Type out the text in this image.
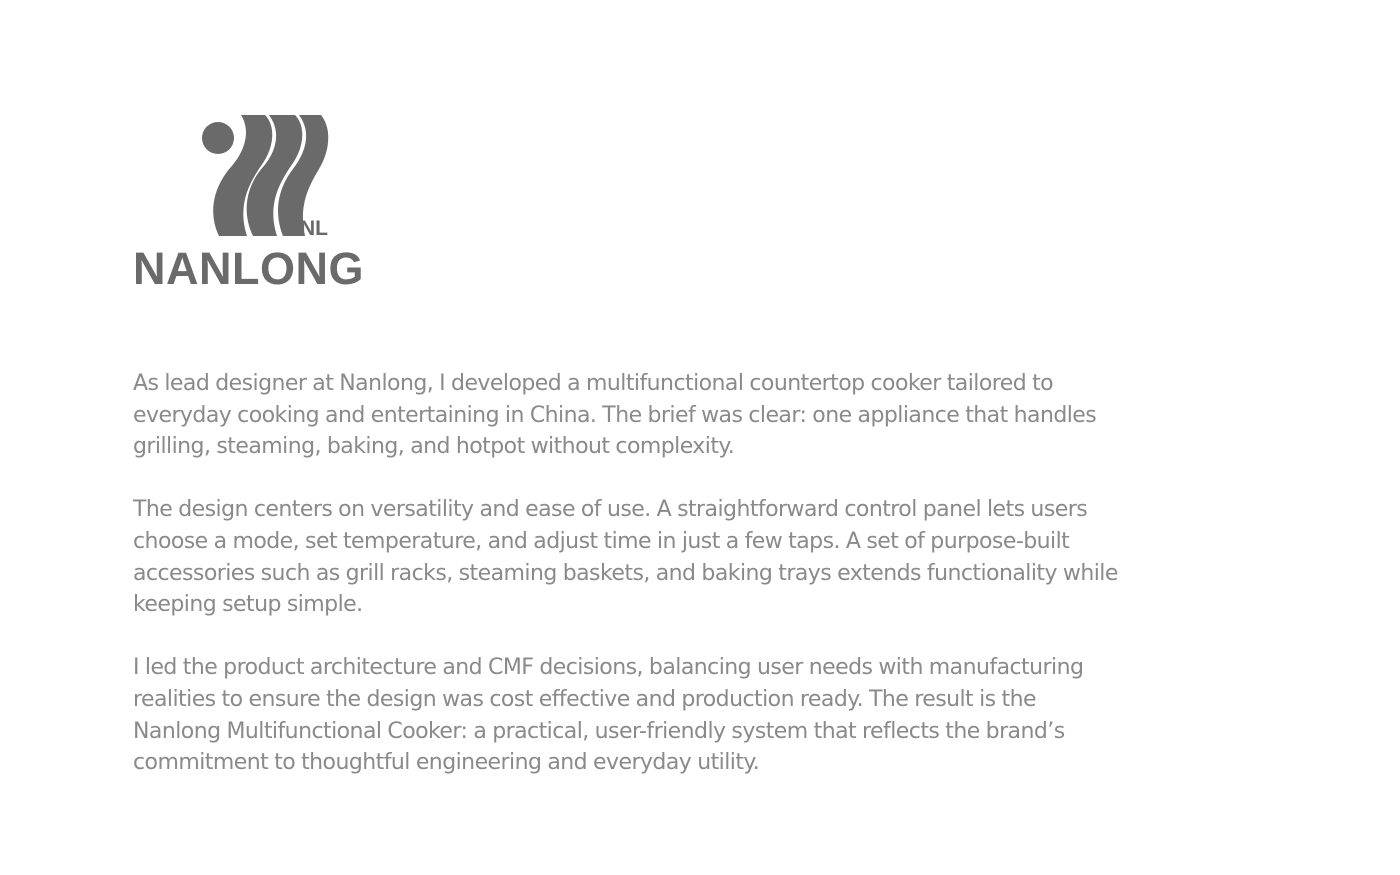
NL
NANLONG

As lead designer at Nanlong, I developed a multifunctional countertop cooker tailored to
everyday cooking and entertaining in China. The brief was clear: one appliance that handles
grilling, steaming, baking, and hotpot without complexity.

The design centers on versatility and ease of use. A straightforward control panel lets users
choose a mode, set temperature, and adjust time in just a few taps. A set of purpose-built
accessories such as grill racks, steaming baskets, and baking trays extends functionality while
keeping setup simple.

I led the product architecture and CMF decisions, balancing user needs with manufacturing
realities to ensure the design was cost effective and production ready. The result is the
Nanlong Multifunctional Cooker: a practical, user-friendly system that reflects the brand’s
commitment to thoughtful engineering and everyday utility.
